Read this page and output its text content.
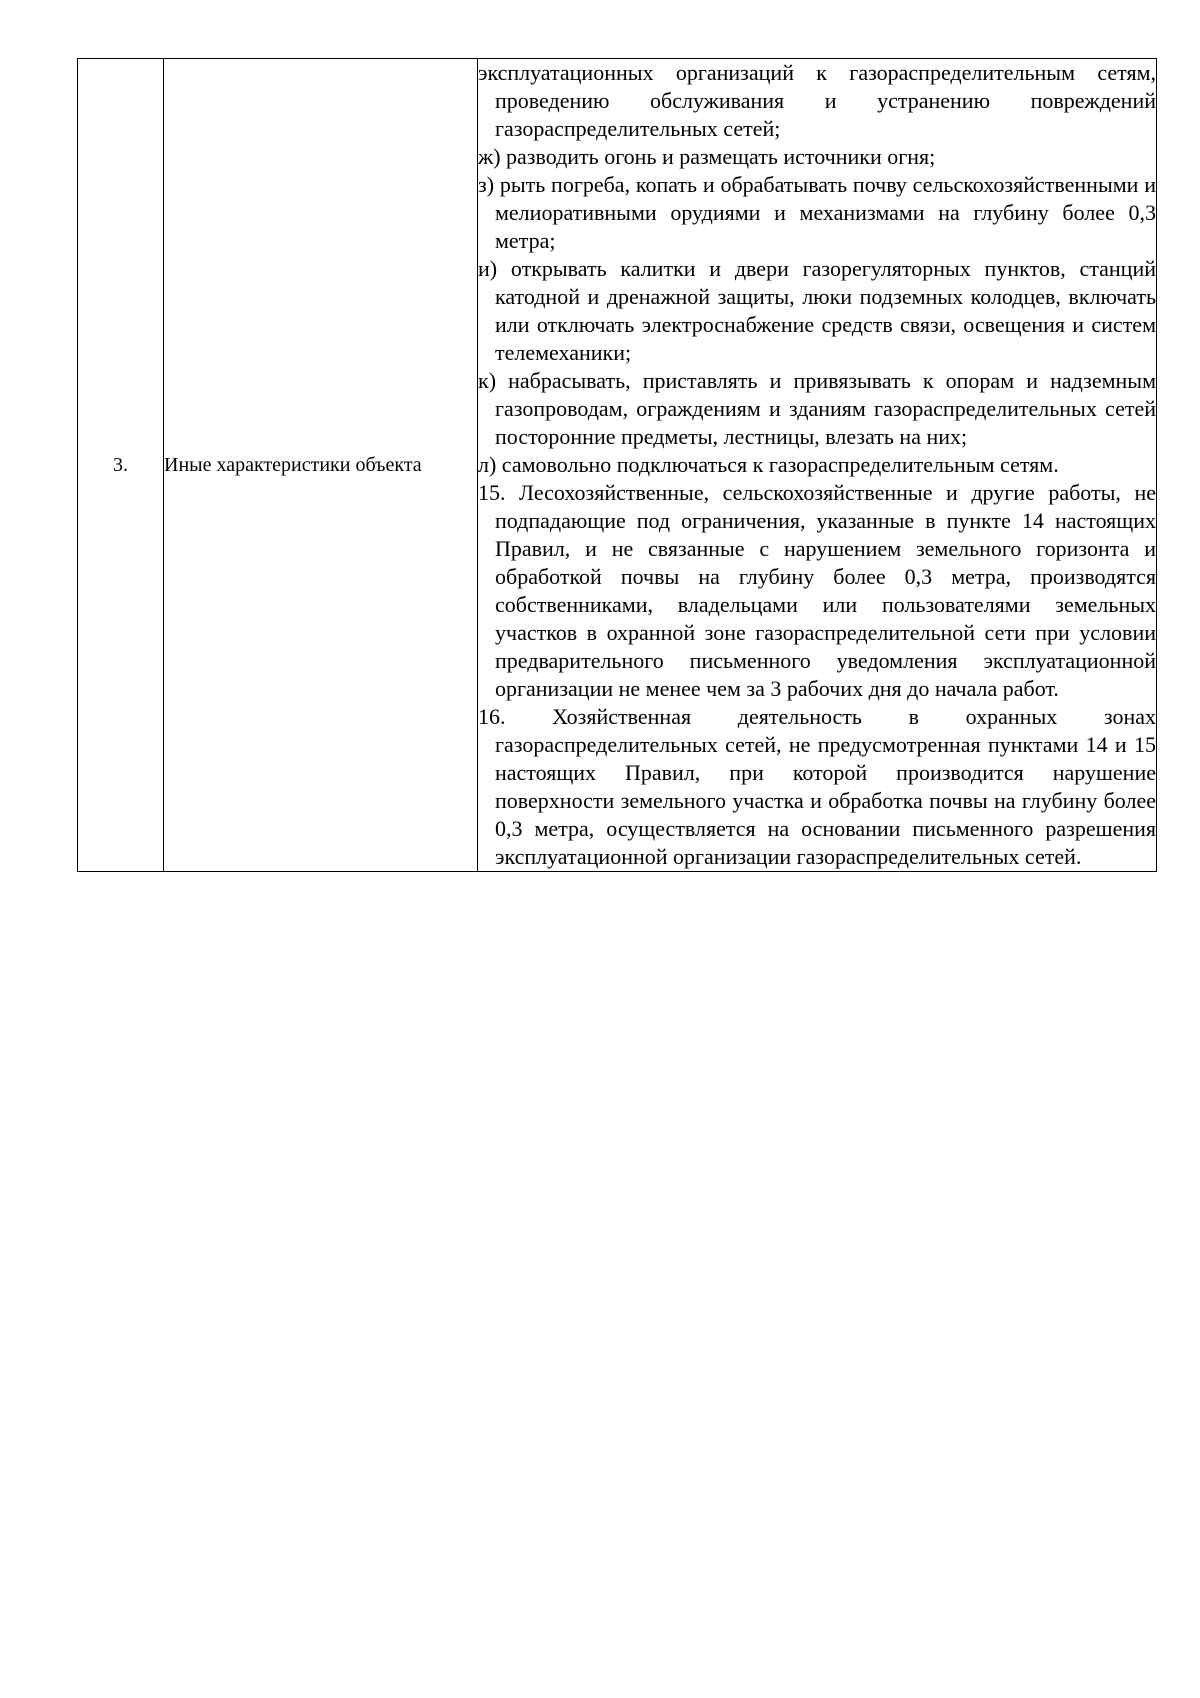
3.	Иные характеристики объекта	

эксплуатационных организаций к газораспределительным сетям, проведению обслуживания и устранению повреждений газораспределительных сетей;

ж) разводить огонь и размещать источники огня;

з) рыть погреба, копать и обрабатывать почву сельскохозяйственными и мелиоративными орудиями и механизмами на глубину более 0,3 метра;

и) открывать калитки и двери газорегуляторных пунктов, станций катодной и дренажной защиты, люки подземных колодцев, включать или отключать электроснабжение средств связи, освещения и систем телемеханики;

к) набрасывать, приставлять и привязывать к опорам и надземным газопроводам, ограждениям и зданиям газораспределительных сетей посторонние предметы, лестницы, влезать на них;

л) самовольно подключаться к газораспределительным сетям.

15. Лесохозяйственные, сельскохозяйственные и другие работы, не подпадающие под ограничения, указанные в пункте 14 настоящих Правил, и не связанные с нарушением земельного горизонта и обработкой почвы на глубину более 0,3 метра, производятся собственниками, владельцами или пользователями земельных участков в охранной зоне газораспределительной сети при условии предварительного письменного уведомления эксплуатационной организации не менее чем за 3 рабочих дня до начала работ.

16. Хозяйственная деятельность в охранных зонах газораспределительных сетей, не предусмотренная пунктами 14 и 15 настоящих Правил, при которой производится нарушение поверхности земельного участка и обработка почвы на глубину более 0,3 метра, осуществляется на основании письменного разрешения эксплуатационной организации газораспределительных сетей.
